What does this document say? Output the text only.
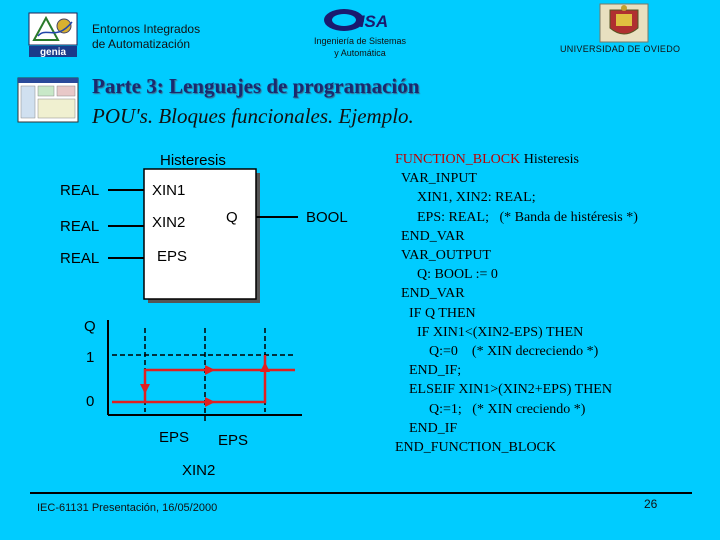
genia
Entornos Integrados
de Automatización
ISA
Ingeniería de Sistemas
y Automática	UNIVERSIDAD DE OVIEDO
Parte 3: Lenguajes de programación
POU's. Bloques funcionales. Ejemplo.
Histeresis
REAL	XIN1
REAL	XIN2
REAL	EPS
Q	BOOL
Q
1
0
EPS EPS
XIN2
FUNCTION_BLOCK Histeresis
VAR_INPUT
XIN1, XIN2: REAL;
EPS: REAL; (* Banda de histéresis *)
END_VAR
VAR_OUTPUT
Q: BOOL := 0
END_VAR
IF Q THEN
IF XIN1<(XIN2-EPS) THEN
Q:=0 (* XIN decreciendo *)
END_IF;
ELSEIF XIN1>(XIN2+EPS) THEN
Q:=1; (* XIN creciendo *)
END_IF
END_FUNCTION_BLOCK
IEC-61131 Presentación, 16/05/2000	26
